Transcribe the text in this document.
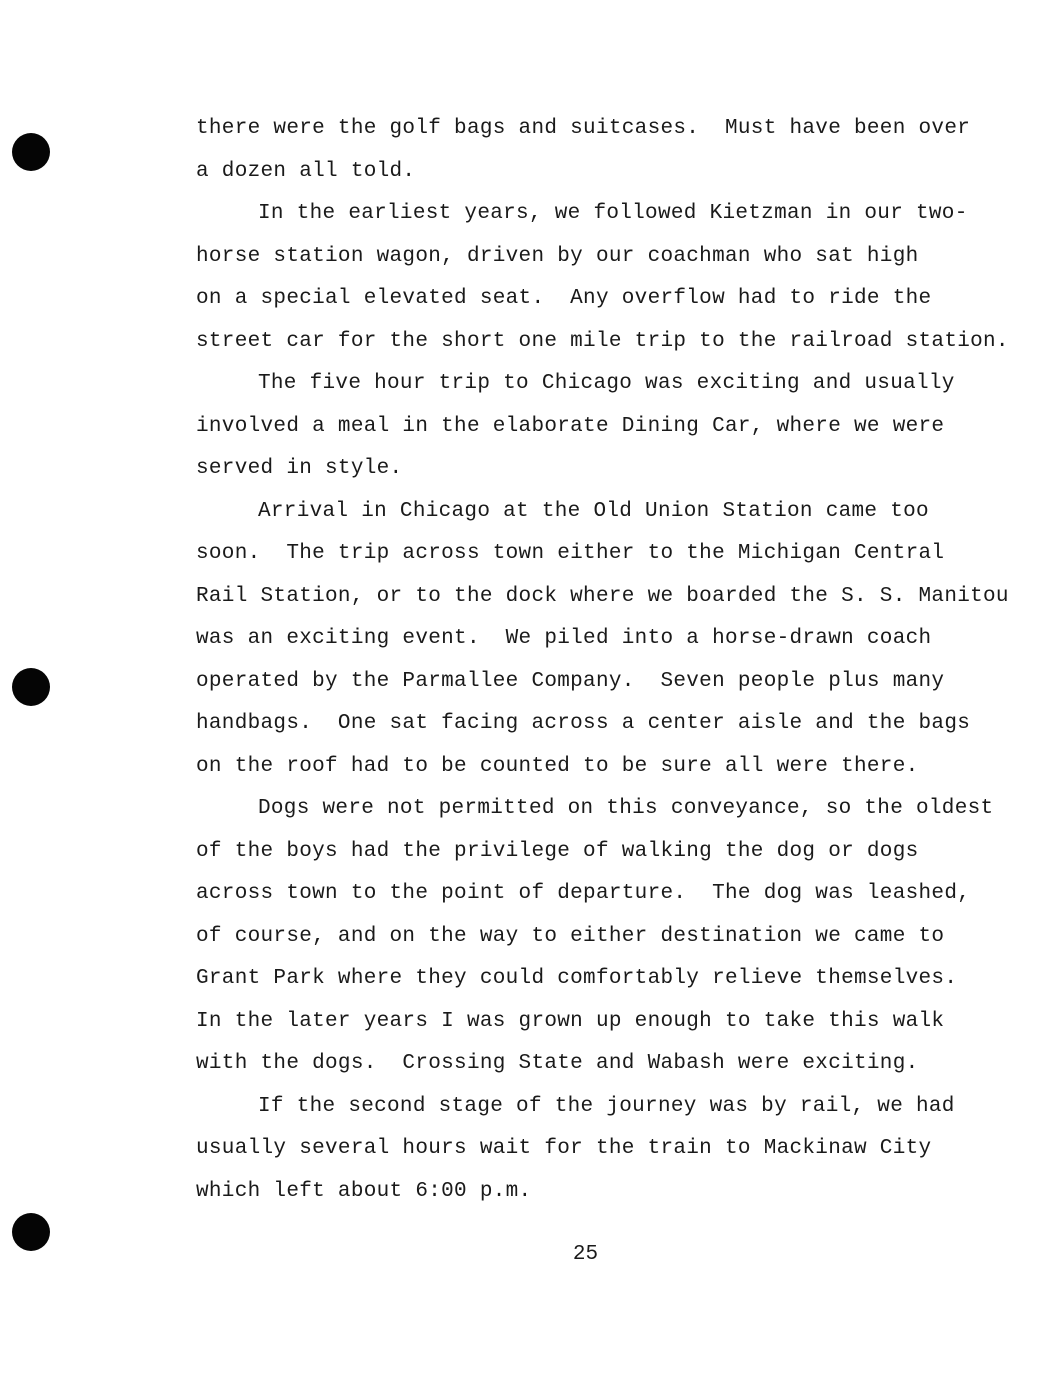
there were the golf bags and suitcases.  Must have been over
a dozen all told.
In the earliest years, we followed Kietzman in our two-
horse station wagon, driven by our coachman who sat high
on a special elevated seat.  Any overflow had to ride the
street car for the short one mile trip to the railroad station.
The five hour trip to Chicago was exciting and usually
involved a meal in the elaborate Dining Car, where we were
served in style.
Arrival in Chicago at the Old Union Station came too
soon.  The trip across town either to the Michigan Central
Rail Station, or to the dock where we boarded the S. S. Manitou
was an exciting event.  We piled into a horse-drawn coach
operated by the Parmallee Company.  Seven people plus many
handbags.  One sat facing across a center aisle and the bags
on the roof had to be counted to be sure all were there.
Dogs were not permitted on this conveyance, so the oldest
of the boys had the privilege of walking the dog or dogs
across town to the point of departure.  The dog was leashed,
of course, and on the way to either destination we came to
Grant Park where they could comfortably relieve themselves.
In the later years I was grown up enough to take this walk
with the dogs.  Crossing State and Wabash were exciting.
If the second stage of the journey was by rail, we had
usually several hours wait for the train to Mackinaw City
which left about 6:00 p.m.
25
